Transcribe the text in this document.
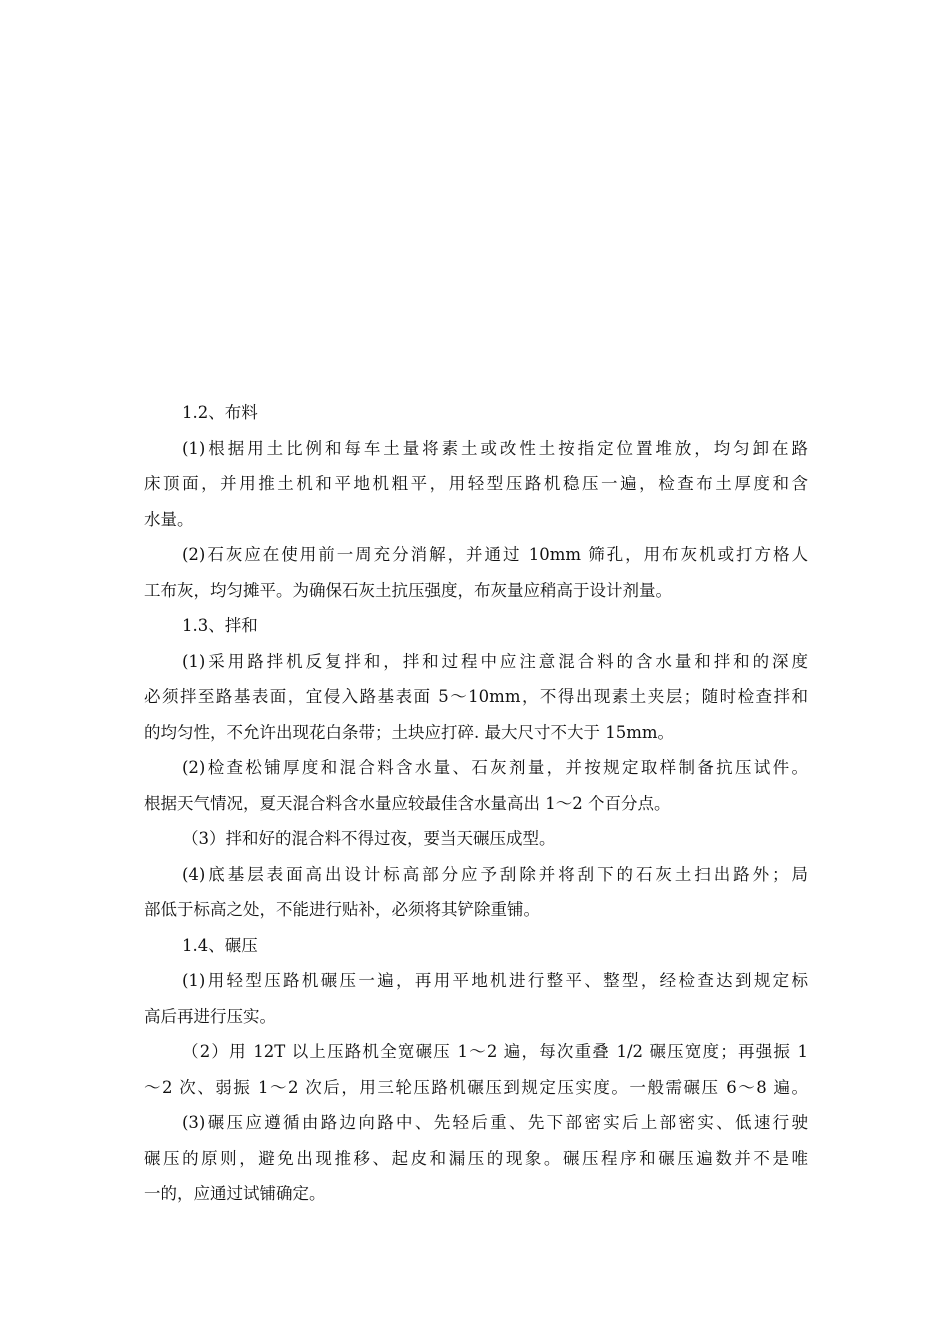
1.2、布料
(1)根据用土比例和每车土量将素土或改性土按指定位置堆放，均匀卸在路
床顶面，并用推土机和平地机粗平，用轻型压路机稳压一遍，检查布土厚度和含
水量。
(2)石灰应在使用前一周充分消解，并通过 10mm 筛孔，用布灰机或打方格人
工布灰，均匀摊平。为确保石灰土抗压强度，布灰量应稍高于设计剂量。
1.3、拌和
(1)采用路拌机反复拌和，拌和过程中应注意混合料的含水量和拌和的深度
必须拌至路基表面，宜侵入路基表面 5～10mm，不得出现素土夹层；随时检查拌和
的均匀性，不允许出现花白条带；土块应打碎. 最大尺寸不大于 15mm。
(2)检查松铺厚度和混合料含水量、石灰剂量，并按规定取样制备抗压试件。
根据天气情况，夏天混合料含水量应较最佳含水量高出 1～2 个百分点。
（3）拌和好的混合料不得过夜，要当天碾压成型。
(4)底基层表面高出设计标高部分应予刮除并将刮下的石灰土扫出路外；局
部低于标高之处，不能进行贴补，必须将其铲除重铺。
1.4、碾压
(1)用轻型压路机碾压一遍，再用平地机进行整平、整型，经检查达到规定标
高后再进行压实。
（2）用 12T 以上压路机全宽碾压 1～2 遍，每次重叠 1/2 碾压宽度；再强振 1
～2 次、弱振 1～2 次后，用三轮压路机碾压到规定压实度。一般需碾压 6～8 遍。
(3)碾压应遵循由路边向路中、先轻后重、先下部密实后上部密实、低速行驶
碾压的原则，避免出现推移、起皮和漏压的现象。碾压程序和碾压遍数并不是唯
一的，应通过试铺确定。
